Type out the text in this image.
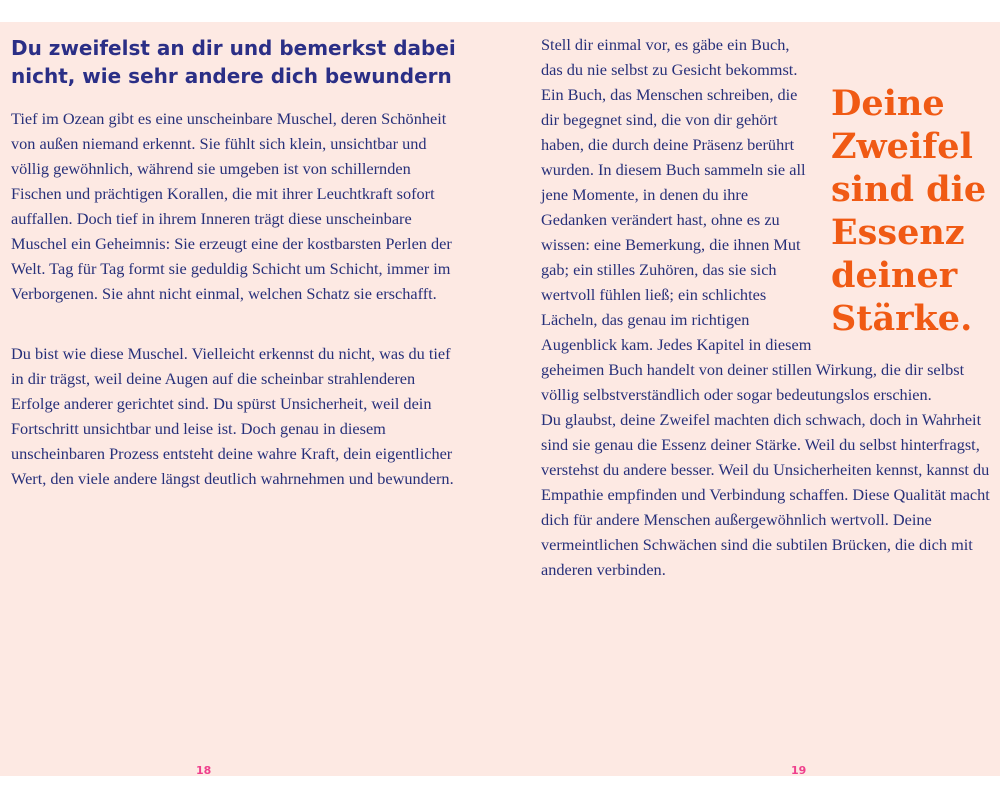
Du zweifelst an dir und bemerkst dabei nicht, wie sehr andere dich bewundern

Tief im Ozean gibt es eine unscheinbare Muschel, deren Schönheit von außen niemand erkennt. Sie fühlt sich klein, unsichtbar und völlig gewöhnlich, während sie umgeben ist von schillernden Fischen und prächtigen Korallen, die mit ihrer Leuchtkraft sofort auffallen. Doch tief in ihrem Inneren trägt diese unscheinbare Muschel ein Geheimnis: Sie erzeugt eine der kostbarsten Perlen der Welt. Tag für Tag formt sie geduldig Schicht um Schicht, immer im Verborgenen. Sie ahnt nicht einmal, welchen Schatz sie erschafft.

Du bist wie diese Muschel. Vielleicht erkennst du nicht, was du tief in dir trägst, weil deine Augen auf die scheinbar strahlenderen Erfolge anderer gerichtet sind. Du spürst Unsicherheit, weil dein Fortschritt unsichtbar und leise ist. Doch genau in diesem unscheinbaren Prozess entsteht deine wahre Kraft, dein eigentlicher Wert, den viele andere längst deutlich wahrnehmen und bewundern.

18
Deine Zweifel sind die Essenz deiner Stärke.
Stell dir einmal vor, es gäbe ein Buch, das du nie selbst zu Gesicht bekommst. Ein Buch, das Menschen schreiben, die dir begegnet sind, die von dir gehört haben, die durch deine Präsenz berührt wurden. In diesem Buch sammeln sie all jene Momente, in denen du ihre Gedanken verändert hast, ohne es zu wissen: eine Bemerkung, die ihnen Mut gab; ein stilles Zuhören, das sie sich wertvoll fühlen ließ; ein schlichtes Lächeln, das genau im richtigen Augenblick kam. Jedes Kapitel in diesem geheimen Buch handelt von deiner stillen Wirkung, die dir selbst völlig selbstverständlich oder sogar bedeutungslos erschien.

Du glaubst, deine Zweifel machten dich schwach, doch in Wahrheit sind sie genau die Essenz deiner Stärke. Weil du selbst hinterfragst, verstehst du andere besser. Weil du Unsicherheiten kennst, kannst du Empathie empfinden und Verbindung schaffen. Diese Qualität macht dich für andere Menschen außergewöhnlich wertvoll. Deine vermeintlichen Schwächen sind die subtilen Brücken, die dich mit anderen verbinden.

19
